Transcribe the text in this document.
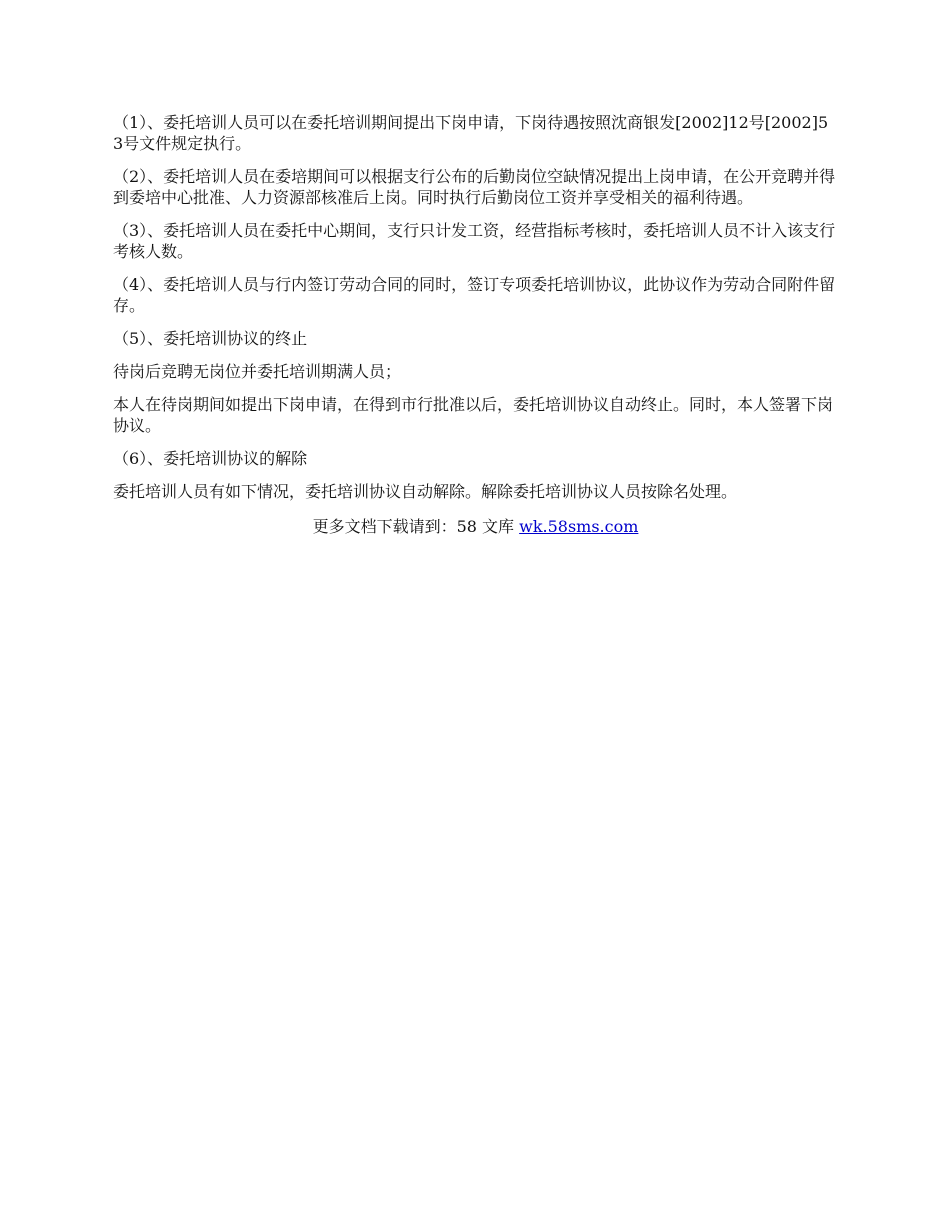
（1）、委托培训人员可以在委托培训期间提出下岗申请，下岗待遇按照沈商银发[2002]12号[2002]53号文件规定执行。

（2）、委托培训人员在委培期间可以根据支行公布的后勤岗位空缺情况提出上岗申请，在公开竞聘并得到委培中心批准、人力资源部核准后上岗。同时执行后勤岗位工资并享受相关的福利待遇。

（3）、委托培训人员在委托中心期间，支行只计发工资，经营指标考核时，委托培训人员不计入该支行考核人数。

（4）、委托培训人员与行内签订劳动合同的同时，签订专项委托培训协议，此协议作为劳动合同附件留存。

（5）、委托培训协议的终止

待岗后竞聘无岗位并委托培训期满人员；

本人在待岗期间如提出下岗申请，在得到市行批准以后，委托培训协议自动终止。同时，本人签署下岗协议。

（6）、委托培训协议的解除

委托培训人员有如下情况，委托培训协议自动解除。解除委托培训协议人员按除名处理。

更多文档下载请到：58 文库 wk.58sms.com
